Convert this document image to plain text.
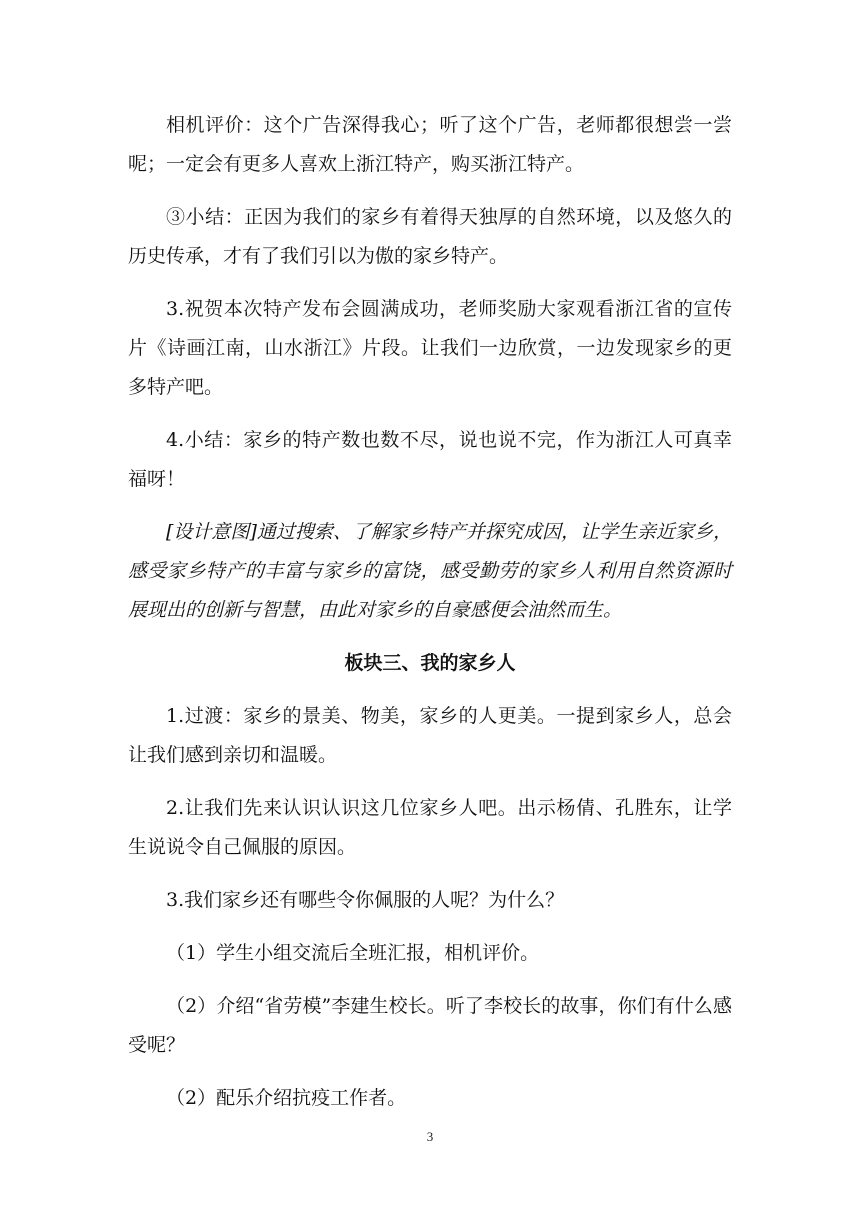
相机评价：这个广告深得我心；听了这个广告，老师都很想尝一尝呢；一定会有更多人喜欢上浙江特产，购买浙江特产。

③小结：正因为我们的家乡有着得天独厚的自然环境，以及悠久的历史传承，才有了我们引以为傲的家乡特产。

3.祝贺本次特产发布会圆满成功，老师奖励大家观看浙江省的宣传片《诗画江南，山水浙江》片段。让我们一边欣赏，一边发现家乡的更多特产吧。

4.小结：家乡的特产数也数不尽，说也说不完，作为浙江人可真幸福呀！

[设计意图]通过搜索、了解家乡特产并探究成因，让学生亲近家乡，感受家乡特产的丰富与家乡的富饶，感受勤劳的家乡人利用自然资源时展现出的创新与智慧，由此对家乡的自豪感便会油然而生。

板块三、我的家乡人

1.过渡：家乡的景美、物美，家乡的人更美。一提到家乡人，总会让我们感到亲切和温暖。

2.让我们先来认识认识这几位家乡人吧。出示杨倩、孔胜东，让学生说说令自己佩服的原因。

3.我们家乡还有哪些令你佩服的人呢？为什么？

（1）学生小组交流后全班汇报，相机评价。

（2）介绍“省劳模”李建生校长。听了李校长的故事，你们有什么感受呢？

（2）配乐介绍抗疫工作者。

3
